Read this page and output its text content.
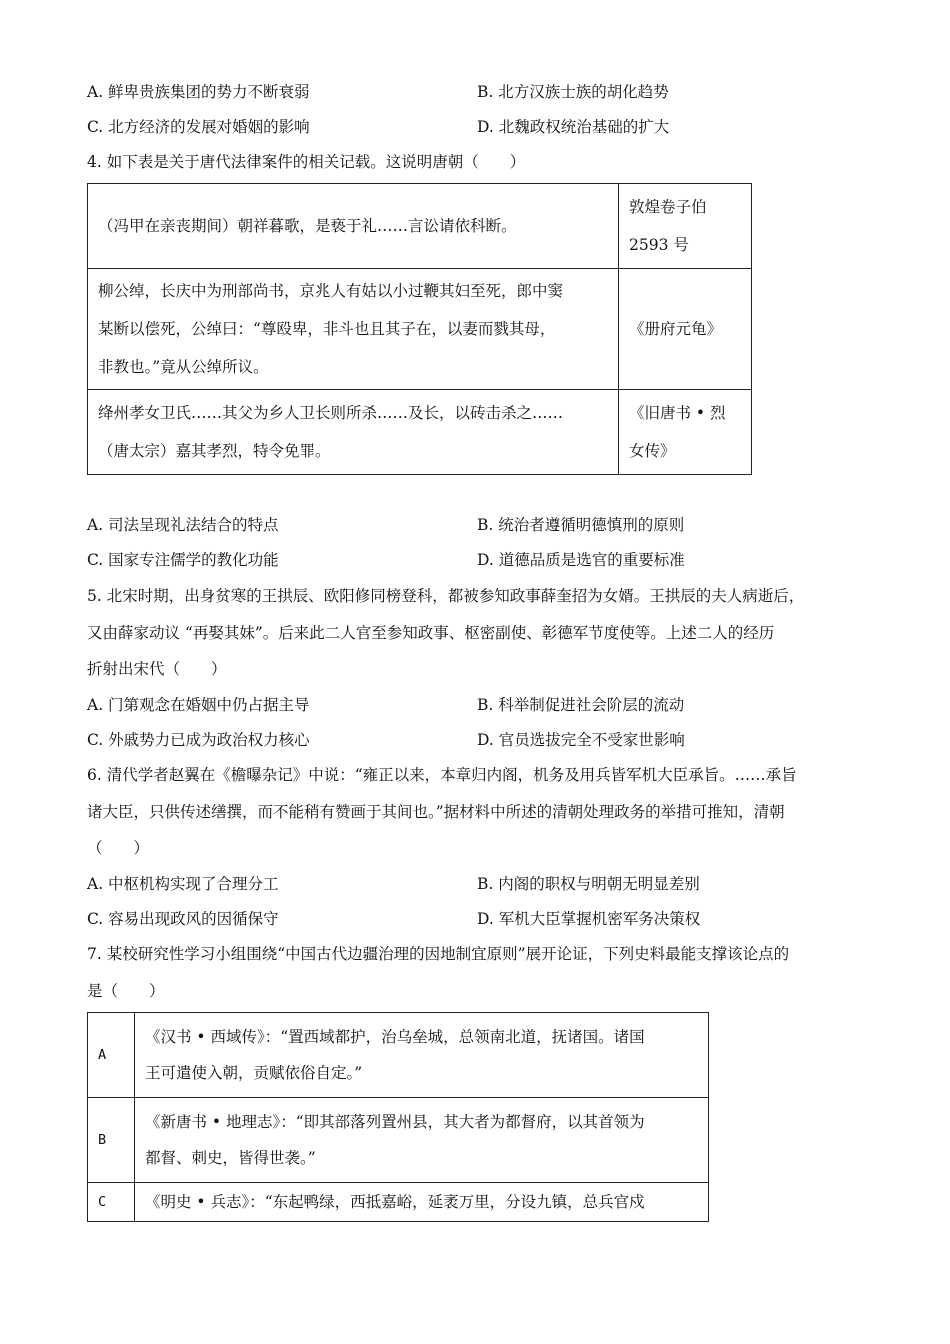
A. 鲜卑贵族集团的势力不断衰弱	B. 北方汉族士族的胡化趋势
C. 北方经济的发展对婚姻的影响	D. 北魏政权统治基础的扩大
4. 如下表是关于唐代法律案件的相关记载。这说明唐朝（　　）
（冯甲在亲丧期间）朝祥暮歌，是亵于礼……言讼请依科断。	敦煌卷子伯
2593 号

柳公绰，长庆中为刑部尚书，京兆人有姑以小过鞭其妇至死，郎中窦
某断以偿死，公绰曰：“尊殴卑，非斗也且其子在，以妻而戮其母，
非教也。”竟从公绰所议。	《册府元龟》

绛州孝女卫氏……其父为乡人卫长则所杀……及长，以砖击杀之……
（唐太宗）嘉其孝烈，特令免罪。	《旧唐书 • 烈
女传》
A. 司法呈现礼法结合的特点	B. 统治者遵循明德慎刑的原则
C. 国家专注儒学的教化功能	D. 道德品质是选官的重要标准
5. 北宋时期，出身贫寒的王拱辰、欧阳修同榜登科，都被参知政事薛奎招为女婿。王拱辰的夫人病逝后，
又由薛家动议 “再娶其妹”。后来此二人官至参知政事、枢密副使、彰德军节度使等。上述二人的经历
折射出宋代（　　）
A. 门第观念在婚姻中仍占据主导	B. 科举制促进社会阶层的流动
C. 外戚势力已成为政治权力核心	D. 官员选拔完全不受家世影响
6. 清代学者赵翼在《檐曝杂记》中说：“雍正以来，本章归内阁，机务及用兵皆军机大臣承旨。……承旨
诸大臣，只供传述缮撰，而不能稍有赞画于其间也。”据材料中所述的清朝处理政务的举措可推知，清朝
（　　）
A. 中枢机构实现了合理分工	B. 内阁的职权与明朝无明显差别
C. 容易出现政风的因循保守	D. 军机大臣掌握机密军务决策权
7. 某校研究性学习小组围绕“中国古代边疆治理的因地制宜原则”展开论证，下列史料最能支撑该论点的
是（　　）
A	《汉书 • 西域传》：“置西域都护，治乌垒城，总领南北道，抚诸国。诸国
王可遣使入朝，贡赋依俗自定。”

B	《新唐书 • 地理志》：“即其部落列置州县，其大者为都督府，以其首领为
都督、刺史，皆得世袭。”

C	《明史 • 兵志》：“东起鸭绿，西抵嘉峪，延袤万里，分设九镇，总兵官戍
